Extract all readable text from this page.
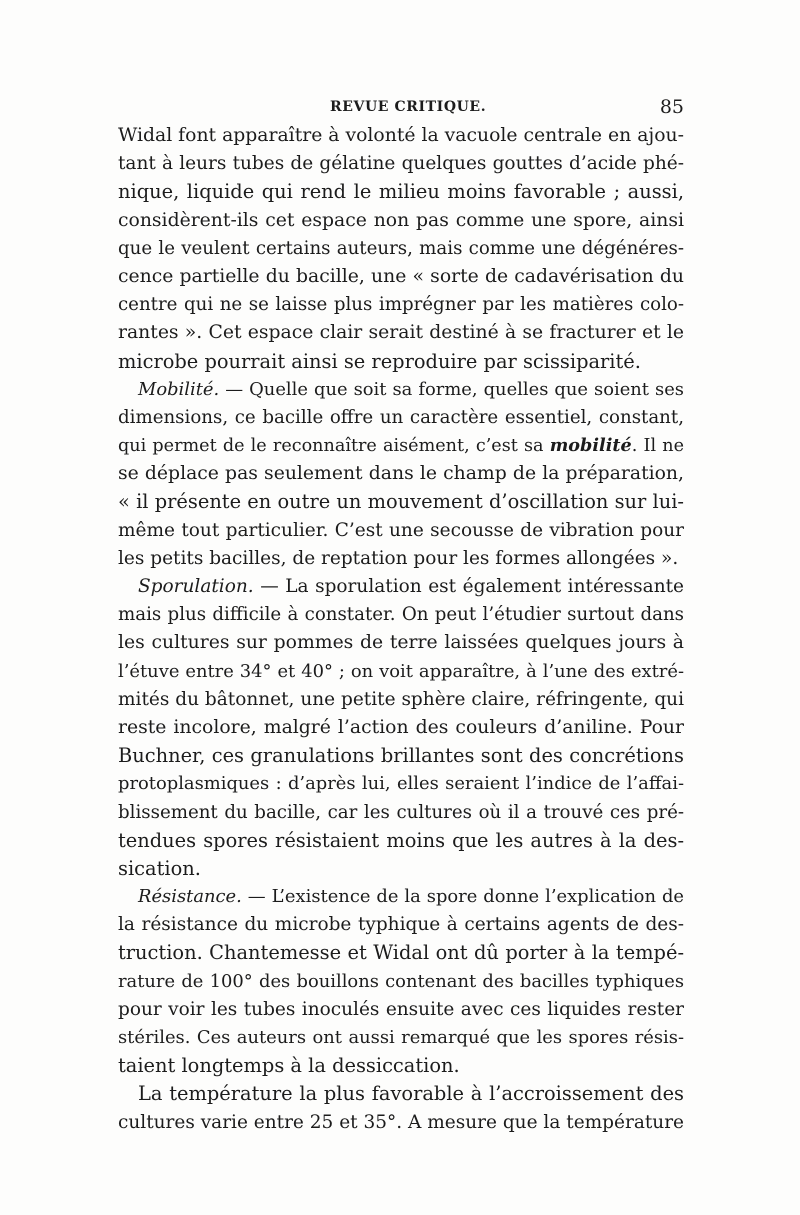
REVUE CRITIQUE.	85
Widal font apparaître à volonté la vacuole centrale en ajou-
tant à leurs tubes de gélatine quelques gouttes d’acide phé-
nique, liquide qui rend le milieu moins favorable ; aussi,
considèrent-ils cet espace non pas comme une spore, ainsi
que le veulent certains auteurs, mais comme une dégénéres-
cence partielle du bacille, une « sorte de cadavérisation du
centre qui ne se laisse plus imprégner par les matières colo-
rantes ». Cet espace clair serait destiné à se fracturer et le
microbe pourrait ainsi se reproduire par scissiparité.
Mobilité. — Quelle que soit sa forme, quelles que soient ses
dimensions, ce bacille offre un caractère essentiel, constant,
qui permet de le reconnaître aisément, c’est sa mobilité. Il ne
se déplace pas seulement dans le champ de la préparation,
« il présente en outre un mouvement d’oscillation sur lui-
même tout particulier. C’est une secousse de vibration pour
les petits bacilles, de reptation pour les formes allongées ».
Sporulation. — La sporulation est également intéressante
mais plus difficile à constater. On peut l’étudier surtout dans
les cultures sur pommes de terre laissées quelques jours à
l’étuve entre 34° et 40° ; on voit apparaître, à l’une des extré-
mités du bâtonnet, une petite sphère claire, réfringente, qui
reste incolore, malgré l’action des couleurs d’aniline. Pour
Buchner, ces granulations brillantes sont des concrétions
protoplasmiques : d’après lui, elles seraient l’indice de l’affai-
blissement du bacille, car les cultures où il a trouvé ces pré-
tendues spores résistaient moins que les autres à la des-
sication.
Résistance. — L’existence de la spore donne l’explication de
la résistance du microbe typhique à certains agents de des-
truction. Chantemesse et Widal ont dû porter à la tempé-
rature de 100° des bouillons contenant des bacilles typhiques
pour voir les tubes inoculés ensuite avec ces liquides rester
stériles. Ces auteurs ont aussi remarqué que les spores résis-
taient longtemps à la dessiccation.
La température la plus favorable à l’accroissement des
cultures varie entre 25 et 35°. A mesure que la température
